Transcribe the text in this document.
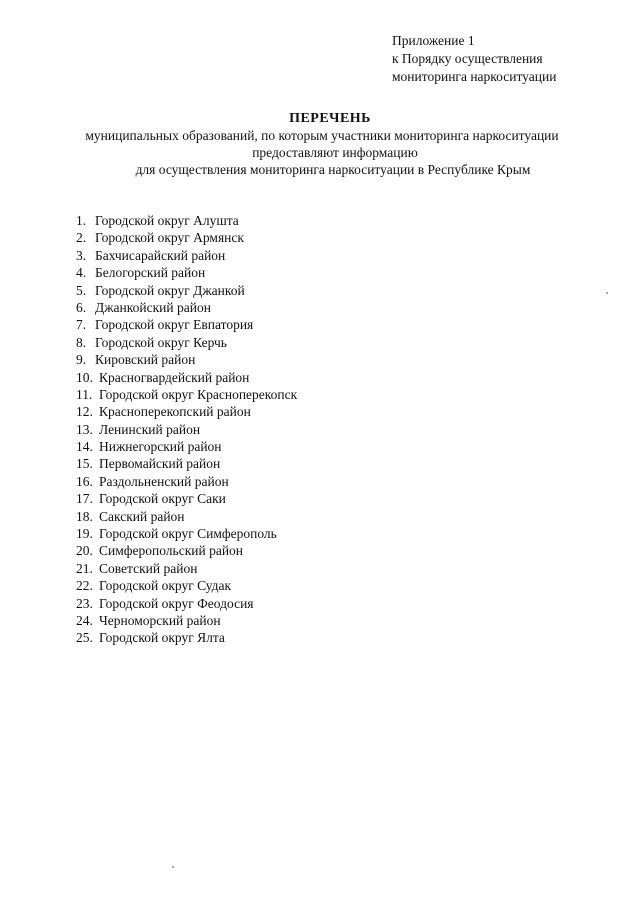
Приложение 1
к Порядку осуществления
мониторинга наркоситуации
ПЕРЕЧЕНЬ
муниципальных образований, по которым участники мониторинга наркоситуации
предоставляют информацию
для осуществления мониторинга наркоситуации в Республике Крым
1. Городской округ Алушта
2. Городской округ Армянск
3. Бахчисарайский район
4. Белогорский район
5. Городской округ Джанкой
6. Джанкойский район
7. Городской округ Евпатория
8. Городской округ Керчь
9. Кировский район
10. Красногвардейский район
11. Городской округ Красноперекопск
12. Красноперекопский район
13. Ленинский район
14. Нижнегорский район
15. Первомайский район
16. Раздольненский район
17. Городской округ Саки
18. Сакский район
19. Городской округ Симферополь
20. Симферопольский район
21. Советский район
22. Городской округ Судак
23. Городской округ Феодосия
24. Черноморский район
25. Городской округ Ялта
